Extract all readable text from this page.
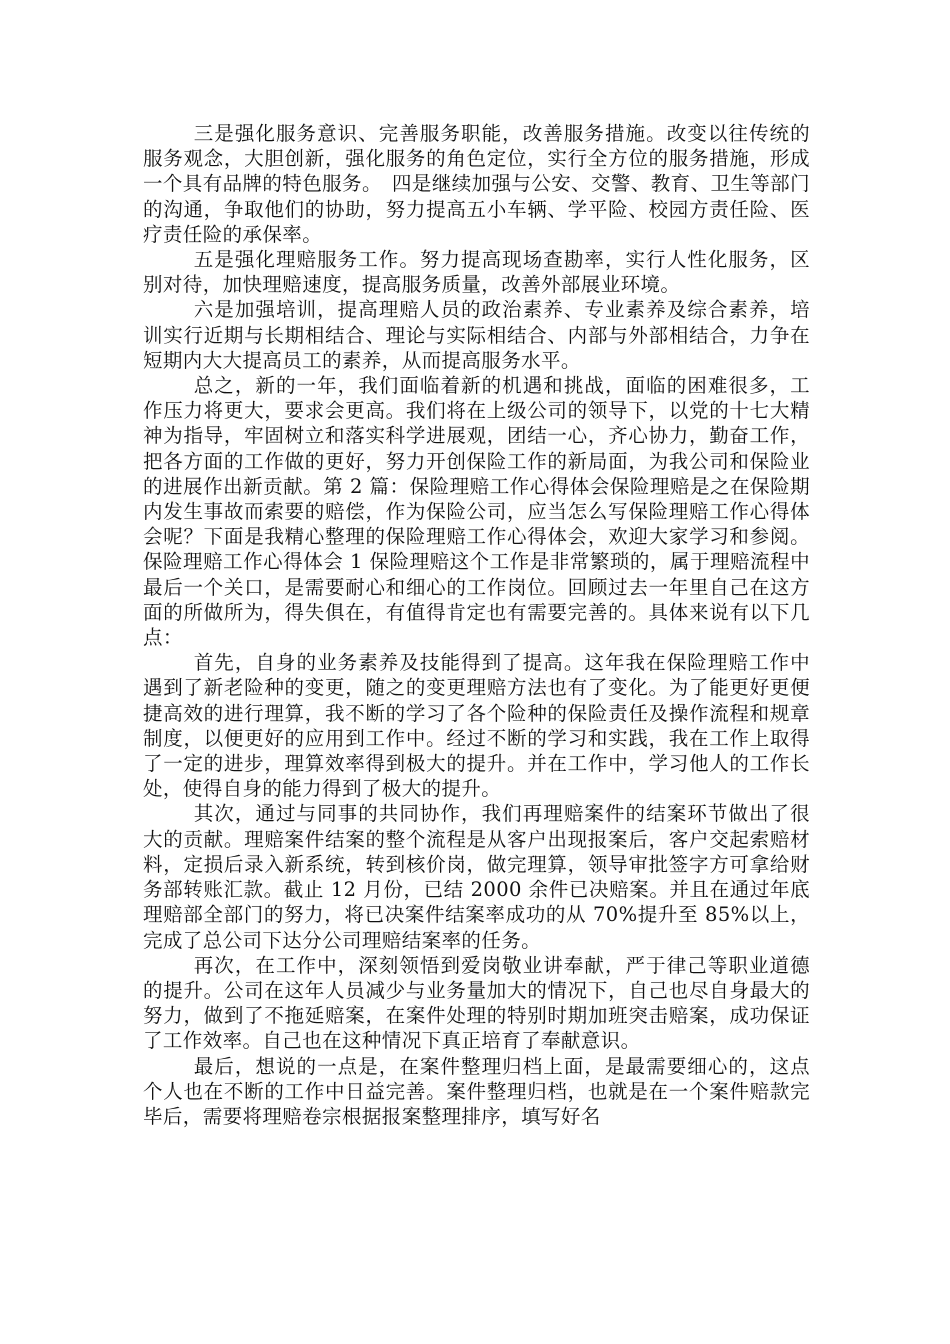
三是强化服务意识、完善服务职能，改善服务措施。改变以往传统的服务观念，大胆创新，强化服务的角色定位，实行全方位的服务措施，形成一个具有品牌的特色服务。　四是继续加强与公安、交警、教育、卫生等部门的沟通，争取他们的协助，努力提高五小车辆、学平险、校园方责任险、医疗责任险的承保率。

五是强化理赔服务工作。努力提高现场查勘率，实行人性化服务，区别对待，加快理赔速度，提高服务质量，改善外部展业环境。

六是加强培训，提高理赔人员的政治素养、专业素养及综合素养，培训实行近期与长期相结合、理论与实际相结合、内部与外部相结合，力争在短期内大大提高员工的素养，从而提高服务水平。

总之，新的一年，我们面临着新的机遇和挑战，面临的困难很多，工作压力将更大，要求会更高。我们将在上级公司的领导下，以党的十七大精神为指导，牢固树立和落实科学进展观，团结一心，齐心协力，勤奋工作，把各方面的工作做的更好，努力开创保险工作的新局面，为我公司和保险业的进展作出新贡献。第 2 篇：保险理赔工作心得体会保险理赔是之在保险期内发生事故而索要的赔偿，作为保险公司，应当怎么写保险理赔工作心得体会呢？下面是我精心整理的保险理赔工作心得体会，欢迎大家学习和参阅。保险理赔工作心得体会 1 保险理赔这个工作是非常繁琐的，属于理赔流程中最后一个关口，是需要耐心和细心的工作岗位。回顾过去一年里自己在这方面的所做所为，得失俱在，有值得肯定也有需要完善的。具体来说有以下几点：

首先，自身的业务素养及技能得到了提高。这年我在保险理赔工作中遇到了新老险种的变更，随之的变更理赔方法也有了变化。为了能更好更便捷高效的进行理算，我不断的学习了各个险种的保险责任及操作流程和规章制度，以便更好的应用到工作中。经过不断的学习和实践，我在工作上取得了一定的进步，理算效率得到极大的提升。并在工作中，学习他人的工作长处，使得自身的能力得到了极大的提升。

其次，通过与同事的共同协作，我们再理赔案件的结案环节做出了很大的贡献。理赔案件结案的整个流程是从客户出现报案后，客户交起索赔材料，定损后录入新系统，转到核价岗，做完理算，领导审批签字方可拿给财务部转账汇款。截止 12 月份，已结 2000 余件已决赔案。并且在通过年底理赔部全部门的努力，将已决案件结案率成功的从 70%提升至 85%以上，完成了总公司下达分公司理赔结案率的任务。

再次，在工作中，深刻领悟到爱岗敬业讲奉献，严于律己等职业道德的提升。公司在这年人员减少与业务量加大的情况下，自己也尽自身最大的努力，做到了不拖延赔案，在案件处理的特别时期加班突击赔案，成功保证了工作效率。自己也在这种情况下真正培育了奉献意识。

最后，想说的一点是，在案件整理归档上面，是最需要细心的，这点个人也在不断的工作中日益完善。案件整理归档，也就是在一个案件赔款完毕后，需要将理赔卷宗根据报案整理排序，填写好名
